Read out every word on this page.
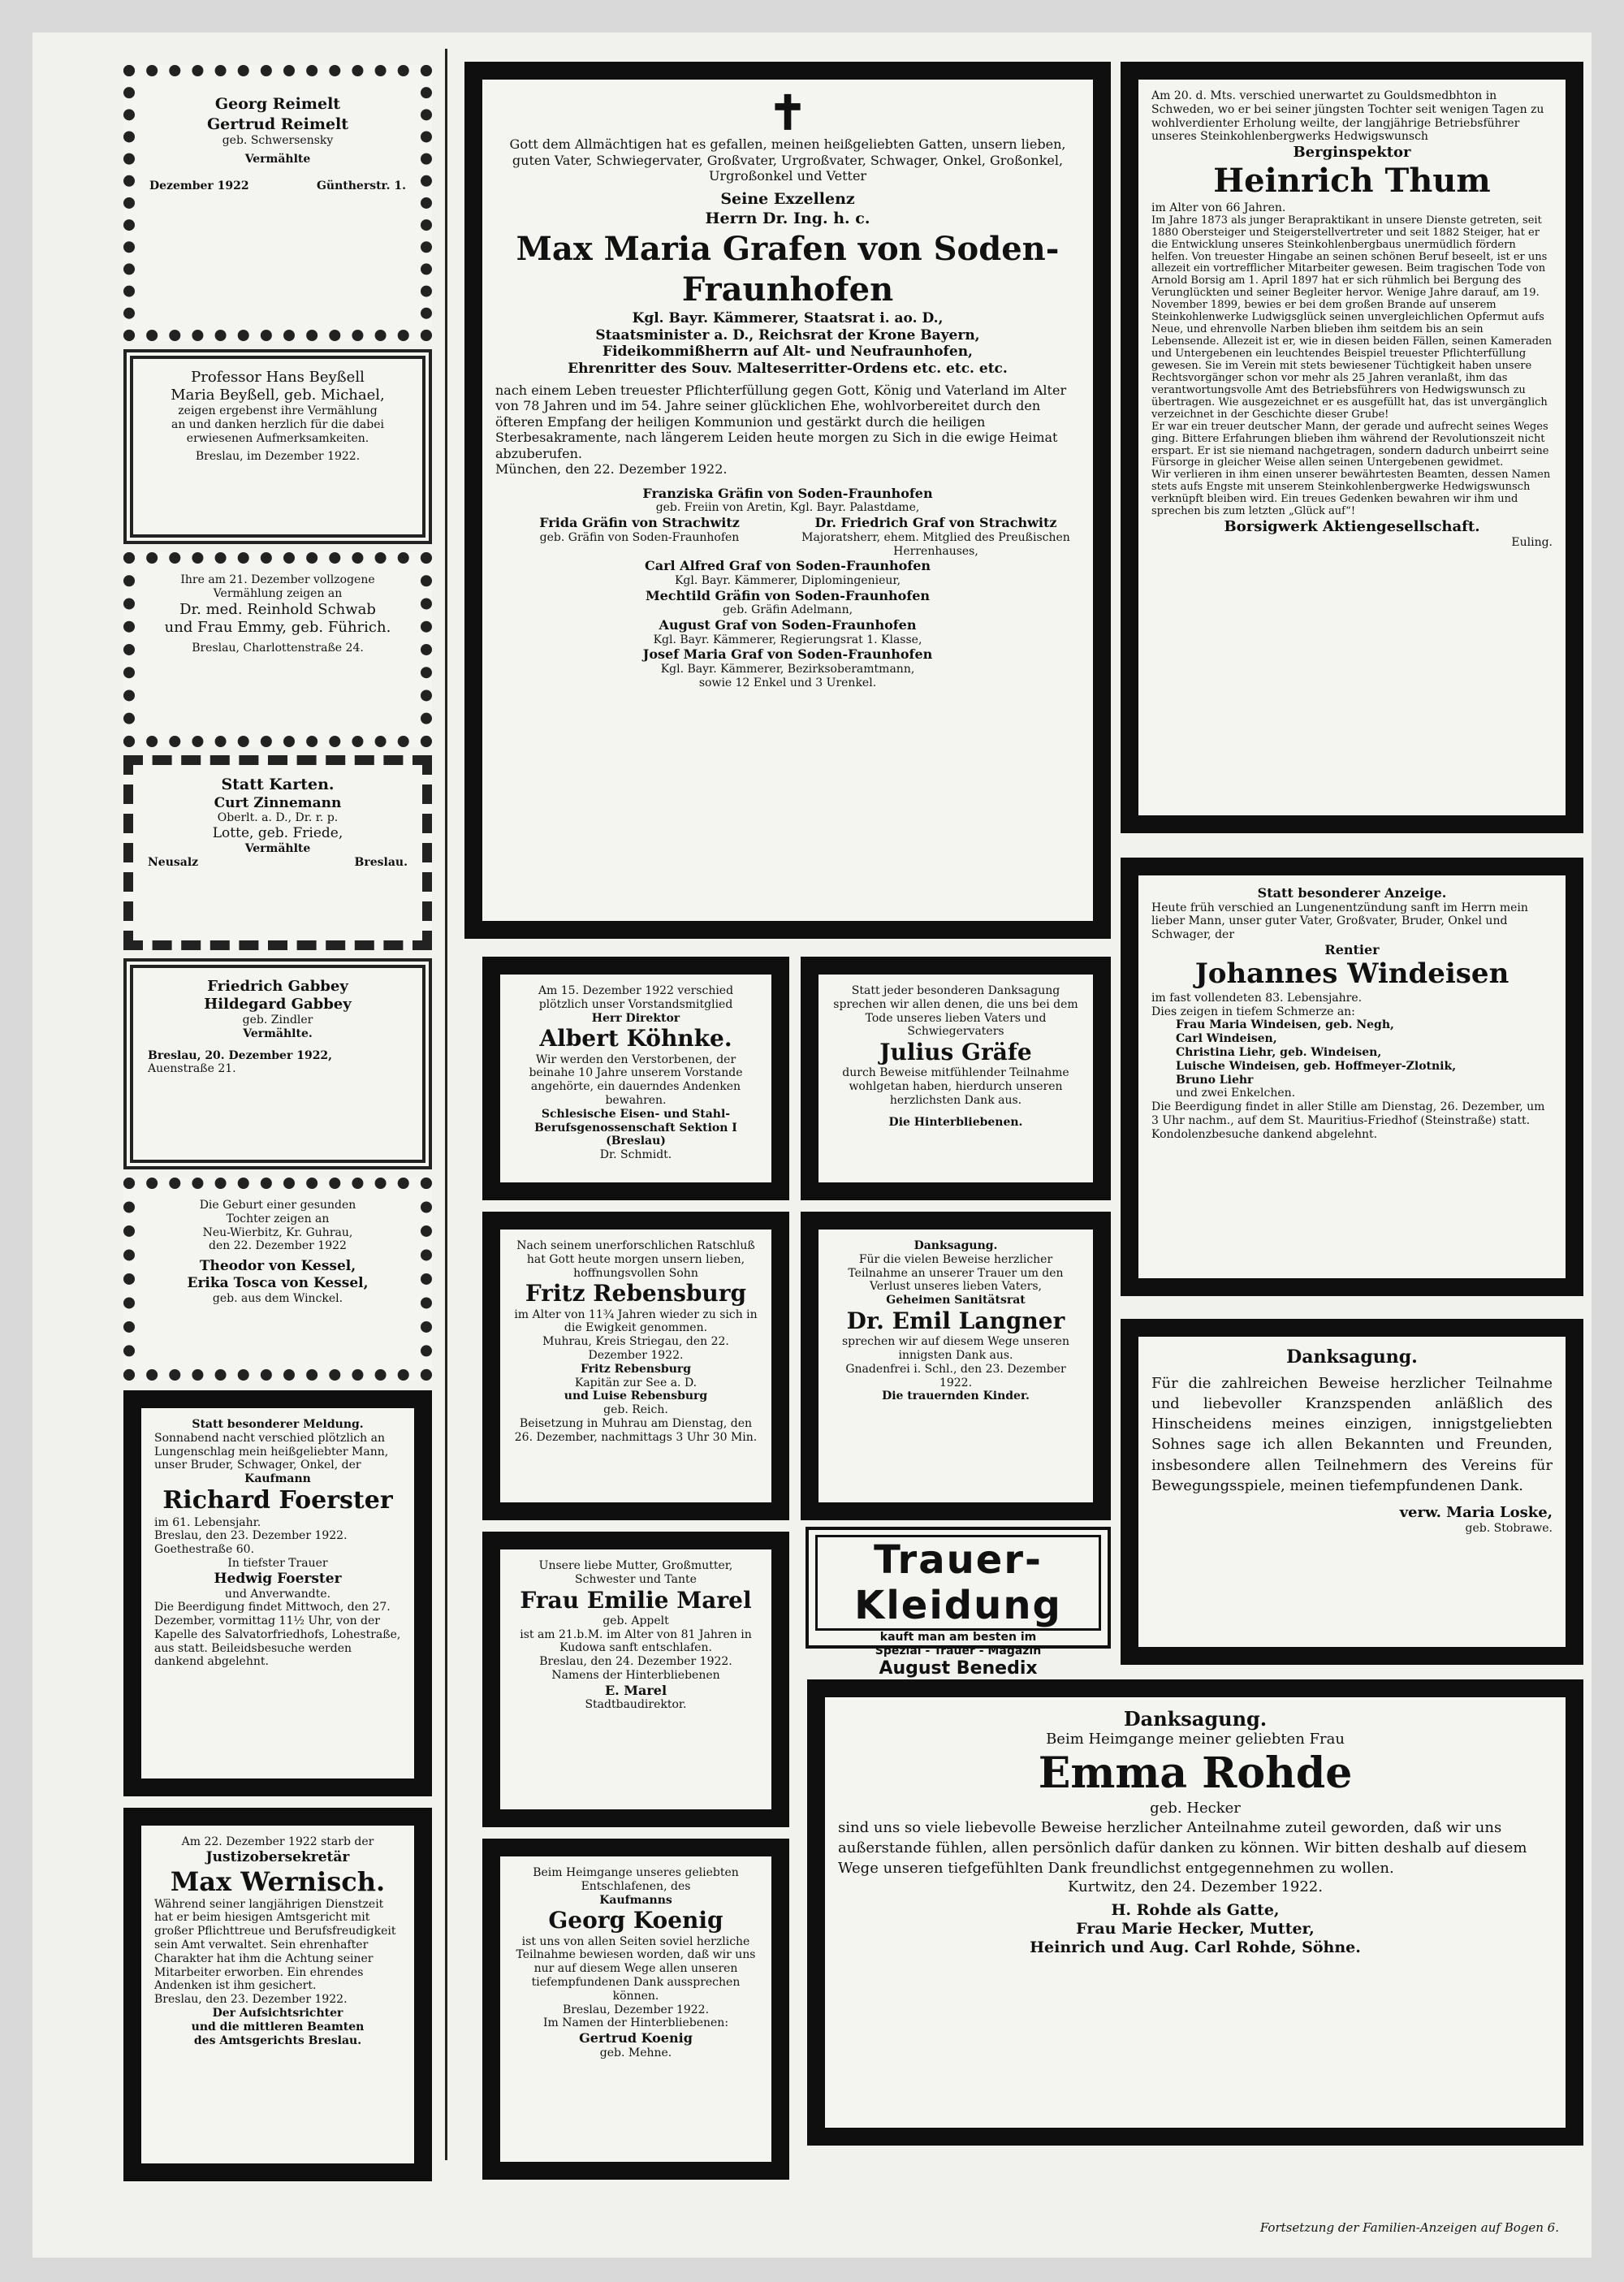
Georg Reimelt

Gertrud Reimelt

geb. Schwersensky

Vermählte

Dezember 1922	Güntherstr. 1.

Professor Hans Beyßell

Maria Beyßell, geb. Michael,

zeigen ergebenst ihre Vermählung

an und danken herzlich für die dabei

erwiesenen Aufmerksamkeiten.

Breslau, im Dezember 1922.

Ihre am 21. Dezember vollzogene

Vermählung zeigen an

Dr. med. Reinhold Schwab

und Frau Emmy, geb. Führich.

Breslau, Charlottenstraße 24.

Statt Karten.

Curt Zinnemann

Oberlt. a. D., Dr. r. p.

Lotte, geb. Friede,

Vermählte

Neusalz	Breslau.

Friedrich Gabbey

Hildegard Gabbey

geb. Zindler

Vermählte.

Breslau, 20. Dezember 1922,

Auenstraße 21.

Die Geburt einer gesunden

Tochter zeigen an

Neu-Wierbitz, Kr. Guhrau,

den 22. Dezember 1922

Theodor von Kessel,

Erika Tosca von Kessel,

geb. aus dem Winckel.

Statt besonderer Meldung.

Sonnabend nacht verschied plötzlich an Lungenschlag mein heißgeliebter Mann, unser Bruder, Schwager, Onkel, der

Kaufmann

Richard Foerster

im 61. Lebensjahr.

Breslau, den 23. Dezember 1922. Goethestraße 60.

In tiefster Trauer

Hedwig Foerster

und Anverwandte.

Die Beerdigung findet Mittwoch, den 27. Dezember, vormittag 11½ Uhr, von der Kapelle des Salvatorfriedhofs, Lohestraße, aus statt. Beileidsbesuche werden dankend abgelehnt.

Am 22. Dezember 1922 starb der

Justizobersekretär

Max Wernisch.

Während seiner langjährigen Dienstzeit hat er beim hiesigen Amtsgericht mit großer Pflichttreue und Berufsfreudigkeit sein Amt verwaltet. Sein ehrenhafter Charakter hat ihm die Achtung seiner Mitarbeiter erworben. Ein ehrendes Andenken ist ihm gesichert.

Breslau, den 23. Dezember 1922.

Der Aufsichtsrichter

und die mittleren Beamten

des Amtsgerichts Breslau.

✝

Gott dem Allmächtigen hat es gefallen, meinen heißgeliebten Gatten, unsern lieben, guten Vater, Schwiegervater, Großvater, Urgroßvater, Schwager, Onkel, Großonkel, Urgroßonkel und Vetter

Seine Exzellenz

Herrn Dr. Ing. h. c.

Max Maria Grafen von Soden-Fraunhofen

Kgl. Bayr. Kämmerer, Staatsrat i. ao. D.,

Staatsminister a. D., Reichsrat der Krone Bayern,

Fideikommißherrn auf Alt- und Neufraunhofen,

Ehrenritter des Souv. Malteserritter-Ordens etc. etc. etc.

nach einem Leben treuester Pflichterfüllung gegen Gott, König und Vaterland im Alter von 78 Jahren und im 54. Jahre seiner glücklichen Ehe, wohlvorbereitet durch den öfteren Empfang der heiligen Kommunion und gestärkt durch die heiligen Sterbesakramente, nach längerem Leiden heute morgen zu Sich in die ewige Heimat abzuberufen.

München, den 22. Dezember 1922.

Franziska Gräfin von Soden-Fraunhofen

geb. Freiin von Aretin, Kgl. Bayr. Palastdame,

Frida Gräfin von Strachwitz

geb. Gräfin von Soden-Fraunhofen

Dr. Friedrich Graf von Strachwitz

Majoratsherr, ehem. Mitglied des Preußischen Herrenhauses,

Carl Alfred Graf von Soden-Fraunhofen

Kgl. Bayr. Kämmerer, Diplomingenieur,

Mechtild Gräfin von Soden-Fraunhofen

geb. Gräfin Adelmann,

August Graf von Soden-Fraunhofen

Kgl. Bayr. Kämmerer, Regierungsrat 1. Klasse,

Josef Maria Graf von Soden-Fraunhofen

Kgl. Bayr. Kämmerer, Bezirksoberamtmann,

sowie 12 Enkel und 3 Urenkel.

Am 15. Dezember 1922 verschied plötzlich unser Vorstandsmitglied

Herr Direktor

Albert Köhnke.

Wir werden den Verstorbenen, der beinahe 10 Jahre unserem Vorstande angehörte, ein dauerndes Andenken bewahren.

Schlesische Eisen- und Stahl-Berufsgenossenschaft Sektion I (Breslau)

Dr. Schmidt.

Statt jeder besonderen Danksagung sprechen wir allen denen, die uns bei dem Tode unseres lieben Vaters und Schwiegervaters

Julius Gräfe

durch Beweise mitfühlender Teilnahme wohlgetan haben, hierdurch unseren herzlichsten Dank aus.

Die Hinterbliebenen.

Nach seinem unerforschlichen Ratschluß hat Gott heute morgen unsern lieben, hoffnungsvollen Sohn

Fritz Rebensburg

im Alter von 11¾ Jahren wieder zu sich in die Ewigkeit genommen.

Muhrau, Kreis Striegau, den 22. Dezember 1922.

Fritz Rebensburg

Kapitän zur See a. D.

und Luise Rebensburg

geb. Reich.

Beisetzung in Muhrau am Dienstag, den 26. Dezember, nachmittags 3 Uhr 30 Min.

Danksagung.

Für die vielen Beweise herzlicher Teilnahme an unserer Trauer um den Verlust unseres lieben Vaters,

Geheimen Sanitätsrat

Dr. Emil Langner

sprechen wir auf diesem Wege unseren innigsten Dank aus.

Gnadenfrei i. Schl., den 23. Dezember 1922.

Die trauernden Kinder.

Unsere liebe Mutter, Großmutter, Schwester und Tante

Frau Emilie Marel

geb. Appelt

ist am 21.b.M. im Alter von 81 Jahren in Kudowa sanft entschlafen.

Breslau, den 24. Dezember 1922.

Namens der Hinterbliebenen

E. Marel

Stadtbaudirektor.

Trauer-Kleidung

kauft man am besten im

Spezial - Trauer - Magazin

August Benedix

Beim Heimgange unseres geliebten Entschlafenen, des

Kaufmanns

Georg Koenig

ist uns von allen Seiten soviel herzliche Teilnahme bewiesen worden, daß wir uns nur auf diesem Wege allen unseren tiefempfundenen Dank aussprechen können.

Breslau, Dezember 1922.

Im Namen der Hinterbliebenen:

Gertrud Koenig

geb. Mehne.

Am 20. d. Mts. verschied unerwartet zu Gouldsmedbhton in Schweden, wo er bei seiner jüngsten Tochter seit wenigen Tagen zu wohlverdienter Erholung weilte, der langjährige Betriebsführer unseres Steinkohlenbergwerks Hedwigswunsch

Berginspektor

Heinrich Thum

im Alter von 66 Jahren.

Im Jahre 1873 als junger Berapraktikant in unsere Dienste getreten, seit 1880 Obersteiger und Steigerstellvertreter und seit 1882 Steiger, hat er die Entwicklung unseres Steinkohlenbergbaus unermüdlich fördern helfen. Von treuester Hingabe an seinen schönen Beruf beseelt, ist er uns allezeit ein vortrefflicher Mitarbeiter gewesen. Beim tragischen Tode von Arnold Borsig am 1. April 1897 hat er sich rühmlich bei Bergung des Verunglückten und seiner Begleiter hervor. Wenige Jahre darauf, am 19. November 1899, bewies er bei dem großen Brande auf unserem Steinkohlenwerke Ludwigsglück seinen unvergleichlichen Opfermut aufs Neue, und ehrenvolle Narben blieben ihm seitdem bis an sein Lebensende. Allezeit ist er, wie in diesen beiden Fällen, seinen Kameraden und Untergebenen ein leuchtendes Beispiel treuester Pflichterfüllung gewesen. Sie im Verein mit stets bewiesener Tüchtigkeit haben unsere Rechtsvorgänger schon vor mehr als 25 Jahren veranlaßt, ihm das verantwortungsvolle Amt des Betriebsführers von Hedwigswunsch zu übertragen. Wie ausgezeichnet er es ausgefüllt hat, das ist unvergänglich verzeichnet in der Geschichte dieser Grube!

Er war ein treuer deutscher Mann, der gerade und aufrecht seines Weges ging. Bittere Erfahrungen blieben ihm während der Revolutionszeit nicht erspart. Er ist sie niemand nachgetragen, sondern dadurch unbeirrt seine Fürsorge in gleicher Weise allen seinen Untergebenen gewidmet.

Wir verlieren in ihm einen unserer bewährtesten Beamten, dessen Namen stets aufs Engste mit unserem Steinkohlenbergwerke Hedwigswunsch verknüpft bleiben wird. Ein treues Gedenken bewahren wir ihm und sprechen bis zum letzten „Glück auf“!

Borsigwerk Aktiengesellschaft.

Euling.

Statt besonderer Anzeige.

Heute früh verschied an Lungenentzündung sanft im Herrn mein lieber Mann, unser guter Vater, Großvater, Bruder, Onkel und Schwager, der

Rentier

Johannes Windeisen

im fast vollendeten 83. Lebensjahre.

Dies zeigen in tiefem Schmerze an:

Frau Maria Windeisen, geb. Negh,

Carl Windeisen,

Christina Liehr, geb. Windeisen,

Luische Windeisen, geb. Hoffmeyer-Zlotnik,

Bruno Liehr

und zwei Enkelchen.

Die Beerdigung findet in aller Stille am Dienstag, 26. Dezember, um 3 Uhr nachm., auf dem St. Mauritius-Friedhof (Steinstraße) statt. Kondolenzbesuche dankend abgelehnt.

Danksagung.

Für die zahlreichen Beweise herzlicher Teilnahme und liebevoller Kranzspenden anläßlich des Hinscheidens meines einzigen, innigstgeliebten Sohnes sage ich allen Bekannten und Freunden, insbesondere allen Teilnehmern des Vereins für Bewegungsspiele, meinen tiefempfundenen Dank.

verw. Maria Loske,

geb. Stobrawe.

Danksagung.

Beim Heimgange meiner geliebten Frau

Emma Rohde

geb. Hecker

sind uns so viele liebevolle Beweise herzlicher Anteilnahme zuteil geworden, daß wir uns außerstande fühlen, allen persönlich dafür danken zu können. Wir bitten deshalb auf diesem Wege unseren tiefgefühlten Dank freundlichst entgegennehmen zu wollen.

Kurtwitz, den 24. Dezember 1922.

H. Rohde als Gatte,

Frau Marie Hecker, Mutter,

Heinrich und Aug. Carl Rohde, Söhne.

Fortsetzung der Familien-Anzeigen auf Bogen 6.
